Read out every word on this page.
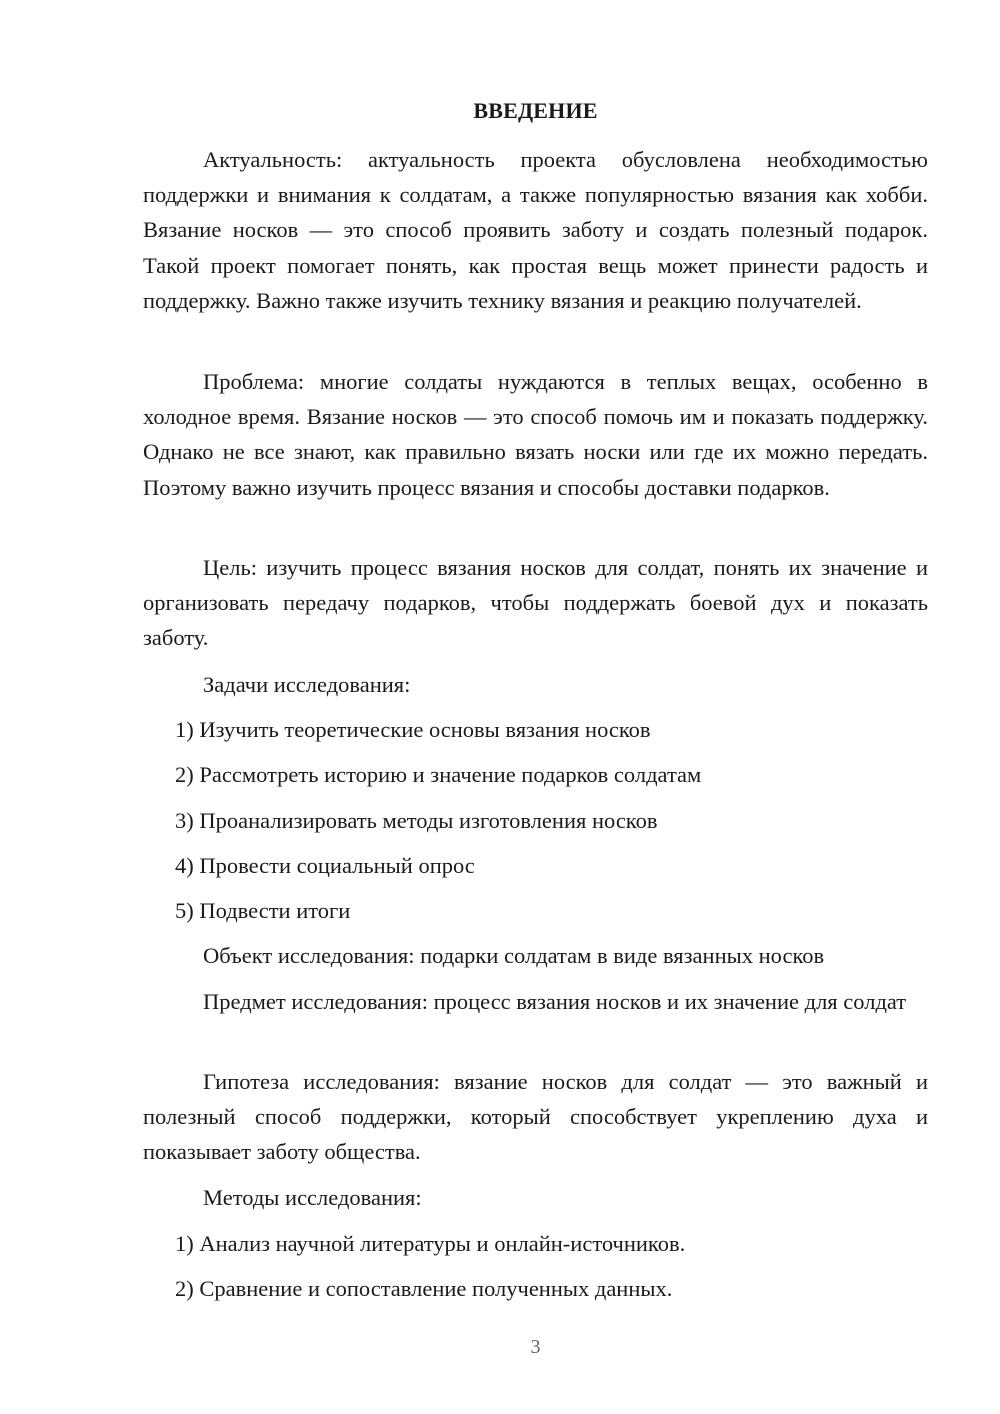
ВВЕДЕНИЕ

Актуальность: актуальность проекта обусловлена необходимостью поддержки и внимания к солдатам, а также популярностью вязания как хобби. Вязание носков — это способ проявить заботу и создать полезный подарок. Такой проект помогает понять, как простая вещь может принести радость и поддержку. Важно также изучить технику вязания и реакцию получателей.

Проблема: многие солдаты нуждаются в теплых вещах, особенно в холодное время. Вязание носков — это способ помочь им и показать поддержку. Однако не все знают, как правильно вязать носки или где их можно передать. Поэтому важно изучить процесс вязания и способы доставки подарков.

Цель: изучить процесс вязания носков для солдат, понять их значение и организовать передачу подарков, чтобы поддержать боевой дух и показать заботу.

Задачи исследования:

1) Изучить теоретические основы вязания носков

2) Рассмотреть историю и значение подарков солдатам

3) Проанализировать методы изготовления носков

4) Провести социальный опрос

5) Подвести итоги

Объект исследования: подарки солдатам в виде вязанных носков

Предмет исследования: процесс вязания носков и их значение для солдат

Гипотеза исследования: вязание носков для солдат — это важный и полезный способ поддержки, который способствует укреплению духа и показывает заботу общества.

Методы исследования:

1) Анализ научной литературы и онлайн-источников.

2) Сравнение и сопоставление полученных данных.

3
